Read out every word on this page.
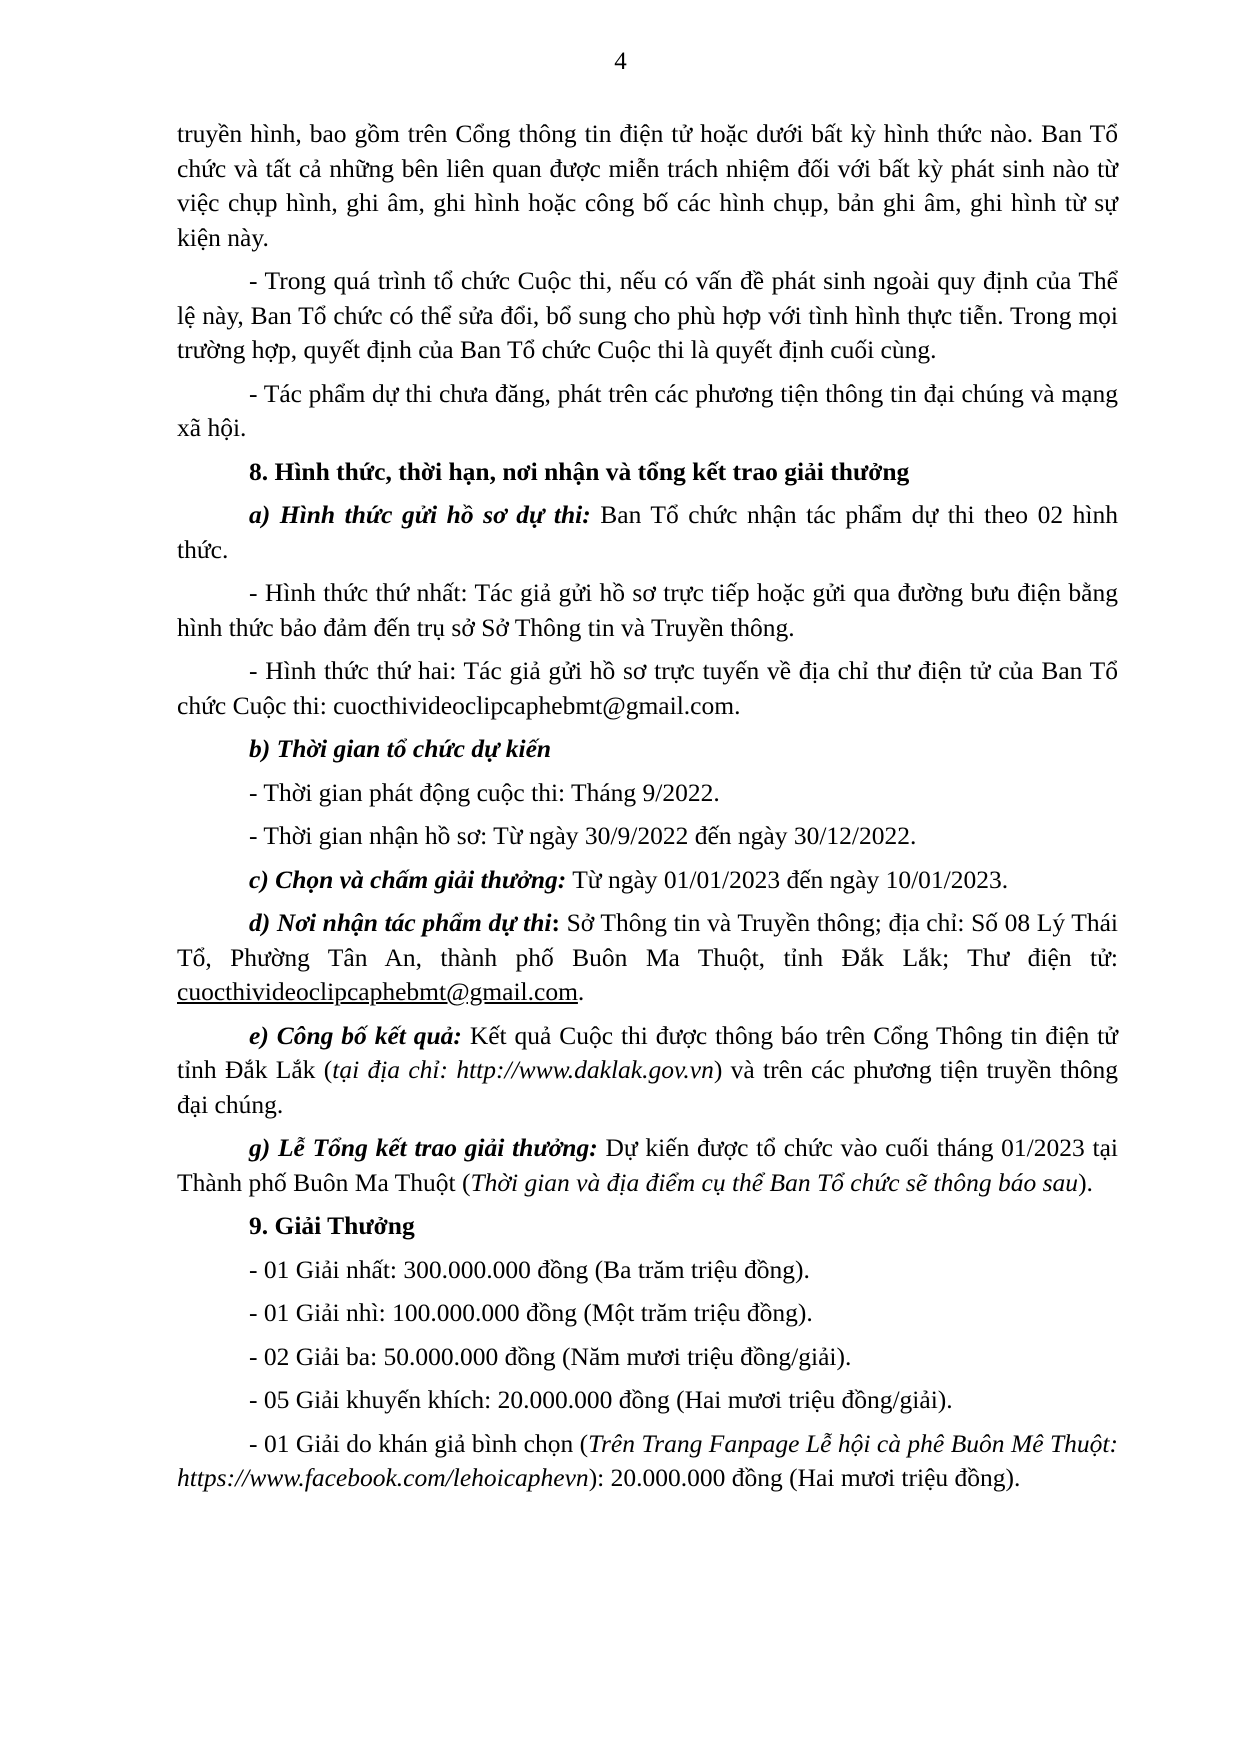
4

truyền hình, bao gồm trên Cổng thông tin điện tử hoặc dưới bất kỳ hình thức nào. Ban Tổ chức và tất cả những bên liên quan được miễn trách nhiệm đối với bất kỳ phát sinh nào từ việc chụp hình, ghi âm, ghi hình hoặc công bố các hình chụp, bản ghi âm, ghi hình từ sự kiện này.

- Trong quá trình tổ chức Cuộc thi, nếu có vấn đề phát sinh ngoài quy định của Thể lệ này, Ban Tổ chức có thể sửa đổi, bổ sung cho phù hợp với tình hình thực tiễn. Trong mọi trường hợp, quyết định của Ban Tổ chức Cuộc thi là quyết định cuối cùng.

- Tác phẩm dự thi chưa đăng, phát trên các phương tiện thông tin đại chúng và mạng xã hội.

8. Hình thức, thời hạn, nơi nhận và tổng kết trao giải thưởng

a) Hình thức gửi hồ sơ dự thi: Ban Tổ chức nhận tác phẩm dự thi theo 02 hình thức.

- Hình thức thứ nhất: Tác giả gửi hồ sơ trực tiếp hoặc gửi qua đường bưu điện bằng hình thức bảo đảm đến trụ sở Sở Thông tin và Truyền thông.

- Hình thức thứ hai: Tác giả gửi hồ sơ trực tuyến về địa chỉ thư điện tử của Ban Tổ chức Cuộc thi: cuocthivideoclipcaphebmt@gmail.com.

b) Thời gian tổ chức dự kiến

- Thời gian phát động cuộc thi: Tháng 9/2022.

- Thời gian nhận hồ sơ: Từ ngày 30/9/2022 đến ngày 30/12/2022.

c) Chọn và chấm giải thưởng: Từ ngày 01/01/2023 đến ngày 10/01/2023.

d) Nơi nhận tác phẩm dự thi: Sở Thông tin và Truyền thông; địa chỉ: Số 08 Lý Thái Tổ, Phường Tân An, thành phố Buôn Ma Thuột, tỉnh Đắk Lắk; Thư điện tử: cuocthivideoclipcaphebmt@gmail.com.

e) Công bố kết quả: Kết quả Cuộc thi được thông báo trên Cổng Thông tin điện tử tỉnh Đắk Lắk (tại địa chỉ: http://www.daklak.gov.vn) và trên các phương tiện truyền thông đại chúng.

g) Lễ Tổng kết trao giải thưởng: Dự kiến được tổ chức vào cuối tháng 01/2023 tại Thành phố Buôn Ma Thuột (Thời gian và địa điểm cụ thể Ban Tổ chức sẽ thông báo sau).

9. Giải Thưởng

- 01 Giải nhất: 300.000.000 đồng (Ba trăm triệu đồng).

- 01 Giải nhì: 100.000.000 đồng (Một trăm triệu đồng).

- 02 Giải ba: 50.000.000 đồng (Năm mươi triệu đồng/giải).

- 05 Giải khuyến khích: 20.000.000 đồng (Hai mươi triệu đồng/giải).

- 01 Giải do khán giả bình chọn (Trên Trang Fanpage Lễ hội cà phê Buôn Mê Thuột: https://www.facebook.com/lehoicaphevn): 20.000.000 đồng (Hai mươi triệu đồng).
